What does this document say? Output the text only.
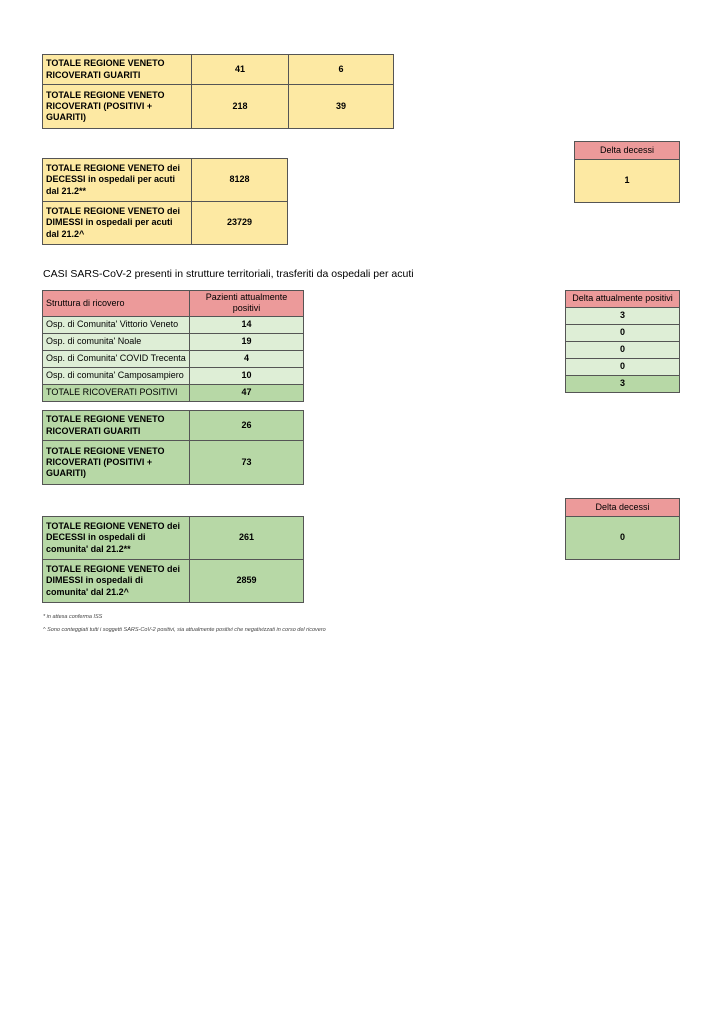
TOTALE REGIONE VENETO RICOVERATI GUARITI	41	6
TOTALE REGIONE VENETO RICOVERATI (POSITIVI + GUARITI)	218	39
TOTALE REGIONE VENETO dei DECESSI in ospedali per acuti dal 21.2**	8128
TOTALE REGIONE VENETO dei DIMESSI in ospedali per acuti dal 21.2^	23729
Delta decessi
1
CASI SARS-CoV-2 presenti in strutture territoriali, trasferiti da ospedali per acuti
Struttura di ricovero	Pazienti attualmente positivi
Osp. di Comunita' Vittorio Veneto	14
Osp. di comunita' Noale	19
Osp. di Comunita' COVID Trecenta	4
Osp. di comunita' Camposampiero	10
TOTALE RICOVERATI POSITIVI	47
Delta attualmente positivi
3
0
0
0
3
TOTALE REGIONE VENETO RICOVERATI GUARITI	26
TOTALE REGIONE VENETO RICOVERATI (POSITIVI + GUARITI)	73
TOTALE REGIONE VENETO dei DECESSI in ospedali di comunita' dal 21.2**	261
TOTALE REGIONE VENETO dei DIMESSI in ospedali di comunita' dal 21.2^	2859
Delta decessi
0
* in attesa conferma ISS
^ Sono conteggiati tutti i soggetti SARS-CoV-2 positivi, sia attualmente positivi che negativizzati in corso del ricovero
